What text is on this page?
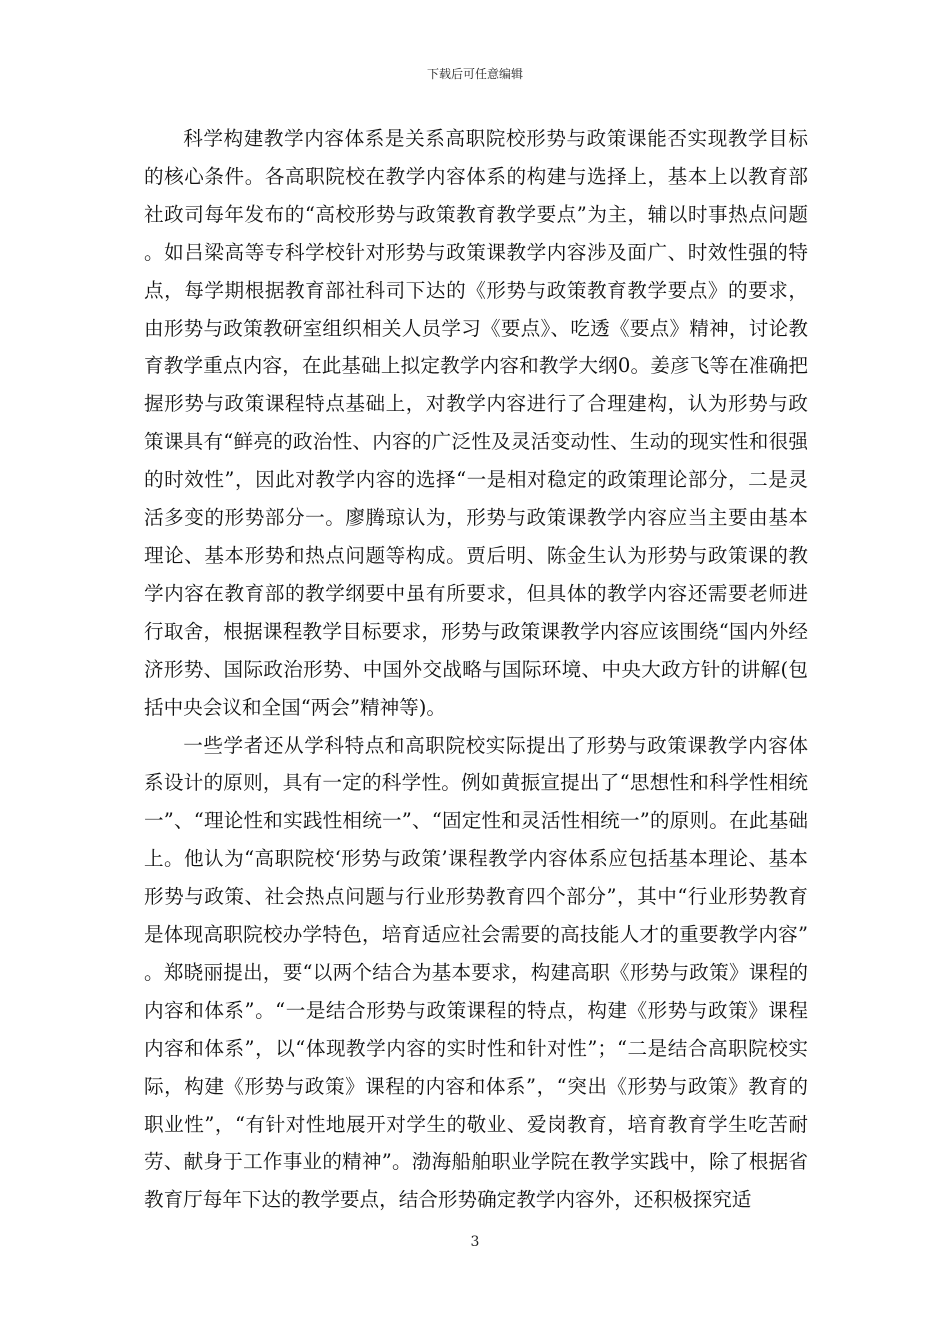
下载后可任意编辑

科学构建教学内容体系是关系高职院校形势与政策课能否实现教学目标的核心条件。各高职院校在教学内容体系的构建与选择上，基本上以教育部社政司每年发布的“高校形势与政策教育教学要点”为主，辅以时事热点问题。如吕梁高等专科学校针对形势与政策课教学内容涉及面广、时效性强的特点，每学期根据教育部社科司下达的《形势与政策教育教学要点》的要求，由形势与政策教研室组织相关人员学习《要点》、吃透《要点》精神，讨论教育教学重点内容，在此基础上拟定教学内容和教学大纲0。姜彦飞等在准确把握形势与政策课程特点基础上，对教学内容进行了合理建构，认为形势与政策课具有“鲜亮的政治性、内容的广泛性及灵活变动性、生动的现实性和很强的时效性”，因此对教学内容的选择“一是相对稳定的政策理论部分，二是灵活多变的形势部分一。廖腾琼认为，形势与政策课教学内容应当主要由基本理论、基本形势和热点问题等构成。贾后明、陈金生认为形势与政策课的教学内容在教育部的教学纲要中虽有所要求，但具体的教学内容还需要老师进行取舍，根据课程教学目标要求，形势与政策课教学内容应该围绕“国内外经济形势、国际政治形势、中国外交战略与国际环境、中央大政方针的讲解(包括中央会议和全国“两会”精神等)。

一些学者还从学科特点和高职院校实际提出了形势与政策课教学内容体系设计的原则，具有一定的科学性。例如黄振宣提出了“思想性和科学性相统一”、“理论性和实践性相统一”、“固定性和灵活性相统一”的原则。在此基础上。他认为“高职院校‘形势与政策’课程教学内容体系应包括基本理论、基本形势与政策、社会热点问题与行业形势教育四个部分”，其中“行业形势教育是体现高职院校办学特色，培育适应社会需要的高技能人才的重要教学内容”。郑晓丽提出，要“以两个结合为基本要求，构建高职《形势与政策》课程的内容和体系”。“一是结合形势与政策课程的特点，构建《形势与政策》课程内容和体系”，以“体现教学内容的实时性和针对性”；“二是结合高职院校实际，构建《形势与政策》课程的内容和体系”，“突出《形势与政策》教育的职业性”，“有针对性地展开对学生的敬业、爱岗教育，培育教育学生吃苦耐劳、献身于工作事业的精神”。渤海船舶职业学院在教学实践中，除了根据省教育厅每年下达的教学要点，结合形势确定教学内容外，还积极探究适

3
